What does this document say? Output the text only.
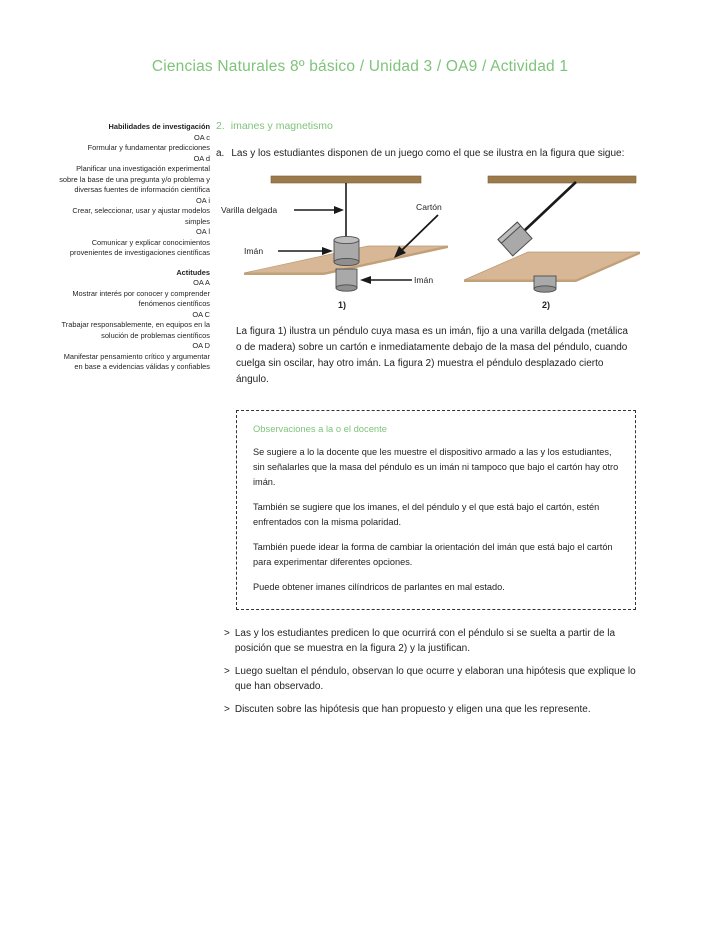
Ciencias Naturales 8º básico / Unidad 3 / OA9 / Actividad 1
Habilidades de investigación
OA c
Formular y fundamentar predicciones
OA d
Planificar una investigación experimental sobre la base de una pregunta y/o problema y diversas fuentes de información científica
OA i
Crear, seleccionar, usar y ajustar modelos simples
OA l
Comunicar y explicar conocimientos provenientes de investigaciones científicas
Actitudes
OA A
Mostrar interés por conocer y comprender fenómenos científicos
OA C
Trabajar responsablemente, en equipos en la solución de problemas científicos
OA D
Manifestar pensamiento crítico y argumentar en base a evidencias válidas y confiables
2. imanes y magnetismo
a. Las y los estudiantes disponen de un juego como el que se ilustra en la figura que sigue:
Varilla delgada
Imán
Cartón
Imán
1)	2)
La figura 1) ilustra un péndulo cuya masa es un imán, fijo a una varilla delgada (metálica o de madera) sobre un cartón e inmediatamente debajo de la masa del péndulo, cuando cuelga sin oscilar, hay otro imán. La figura 2) muestra el péndulo desplazado cierto ángulo.
Observaciones a la o el docente
Se sugiere a lo la docente que les muestre el dispositivo armado a las y los estudiantes, sin señalarles que la masa del péndulo es un imán ni tampoco que bajo el cartón hay otro imán.
También se sugiere que los imanes, el del péndulo y el que está bajo el cartón, estén enfrentados con la misma polaridad.
También puede idear la forma de cambiar la orientación del imán que está bajo el cartón para experimentar diferentes opciones.
Puede obtener imanes cilíndricos de parlantes en mal estado.
> Las y los estudiantes predicen lo que ocurrirá con el péndulo si se suelta a partir de la posición que se muestra en la figura 2) y la justifican.
> Luego sueltan el péndulo, observan lo que ocurre y elaboran una hipótesis que explique lo que han observado.
> Discuten sobre las hipótesis que han propuesto y eligen una que les represente.
